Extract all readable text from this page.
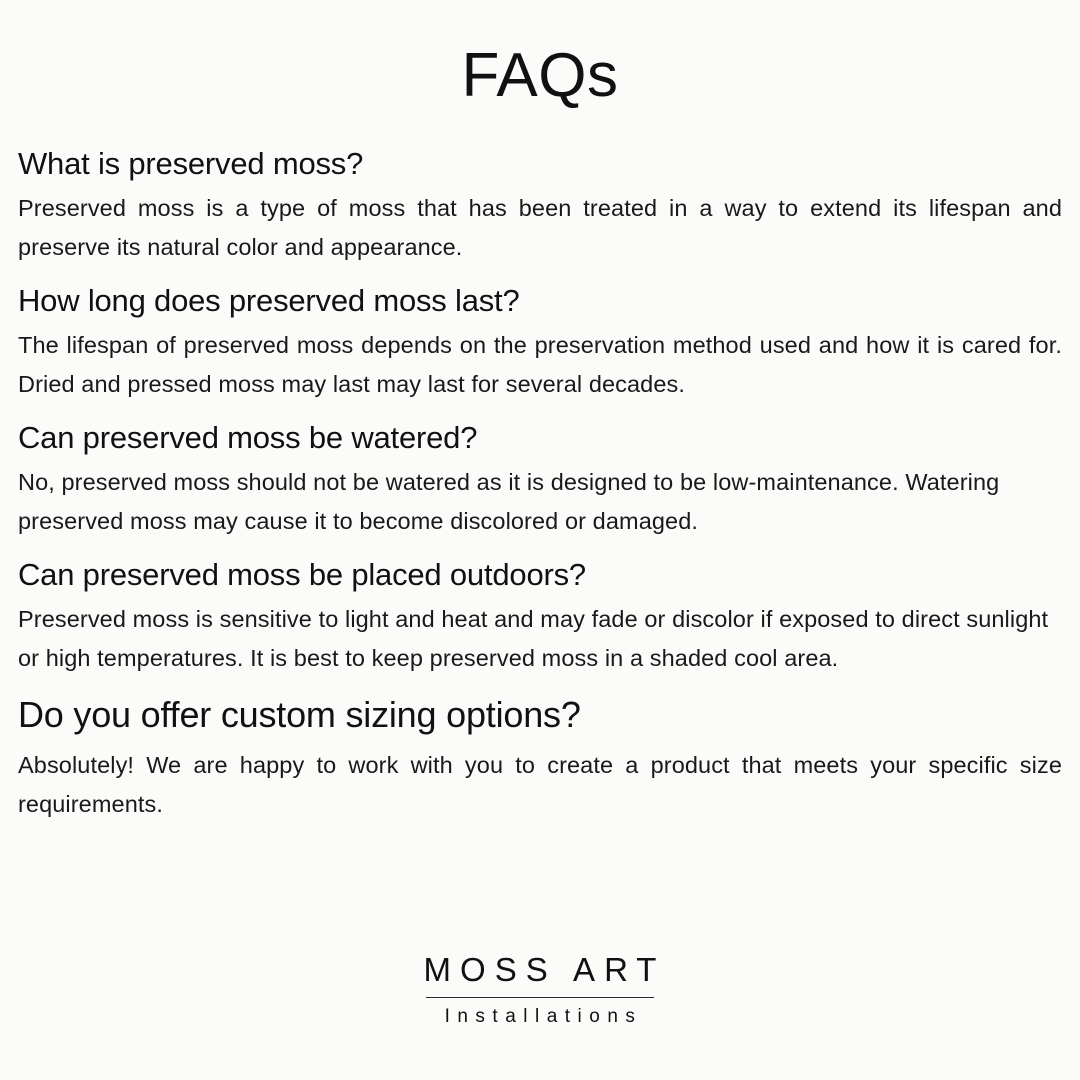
FAQs
What is preserved moss?
Preserved moss is a type of moss that has been treated in a way to extend its lifespan and preserve its natural color and appearance.
How long does preserved moss last?
The lifespan of preserved moss depends on the preservation method used and how it is cared for. Dried and pressed moss may last may last for several decades.
Can preserved moss be watered?
No, preserved moss should not be watered as it is designed to be low-maintenance. Watering preserved moss may cause it to become discolored or damaged.
Can preserved moss be placed outdoors?
Preserved moss is sensitive to light and heat and may fade or discolor if exposed to direct sunlight or high temperatures. It is best to keep preserved moss in a shaded cool area.
Do you offer custom sizing options?
Absolutely! We are happy to work with you to create a product that meets your specific size requirements.
MOSS ART
Installations
